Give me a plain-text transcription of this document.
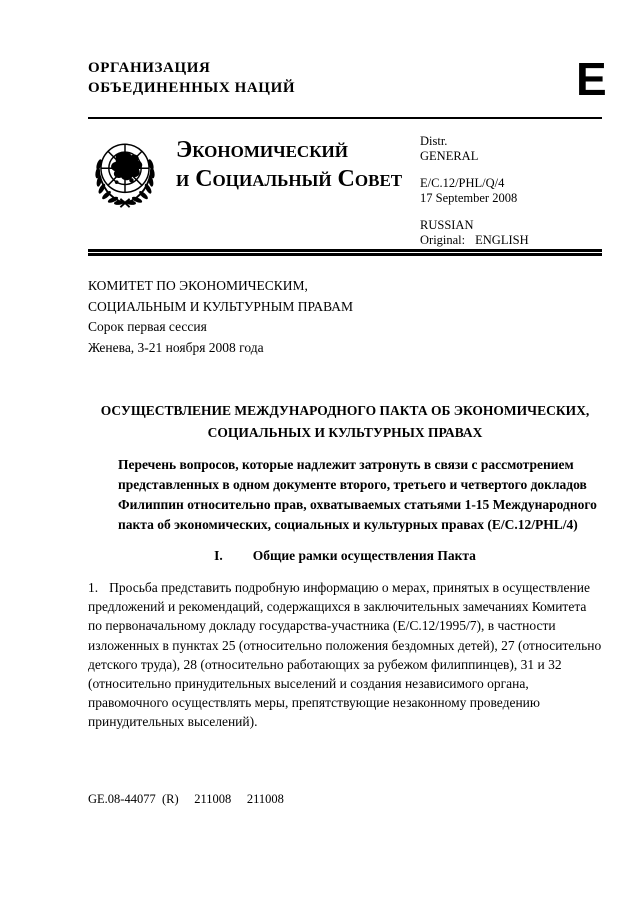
ОРГАНИЗАЦИЯ
ОБЪЕДИНЕННЫХ НАЦИЙ	E
Экономический
и Социальный Совет
Distr.
GENERAL
E/C.12/PHL/Q/4
17 September 2008
RUSSIAN
Original: ENGLISH
КОМИТЕТ ПО ЭКОНОМИЧЕСКИМ,
СОЦИАЛЬНЫМ И КУЛЬТУРНЫМ ПРАВАМ
Сорок первая сессия
Женева, 3-21 ноября 2008 года
ОСУЩЕСТВЛЕНИЕ МЕЖДУНАРОДНОГО ПАКТА ОБ ЭКОНОМИЧЕСКИХ,
СОЦИАЛЬНЫХ И КУЛЬТУРНЫХ ПРАВАХ
Перечень вопросов, которые надлежит затронуть в связи с рассмотрением представленных в одном документе второго, третьего и четвертого докладов Филиппин относительно прав, охватываемых статьями 1-15 Международного пакта об экономических, социальных и культурных правах (E/C.12/PHL/4)
I. Общие рамки осуществления Пакта
1. Просьба представить подробную информацию о мерах, принятых в осуществление предложений и рекомендаций, содержащихся в заключительных замечаниях Комитета по первоначальному докладу государства-участника (E/C.12/1995/7), в частности изложенных в пунктах 25 (относительно положения бездомных детей), 27 (относительно детского труда), 28 (относительно работающих за рубежом филиппинцев), 31 и 32 (относительно принудительных выселений и создания независимого органа, правомочного осуществлять меры, препятствующие незаконному проведению принудительных выселений).
GE.08-44077  (R)     211008     211008
